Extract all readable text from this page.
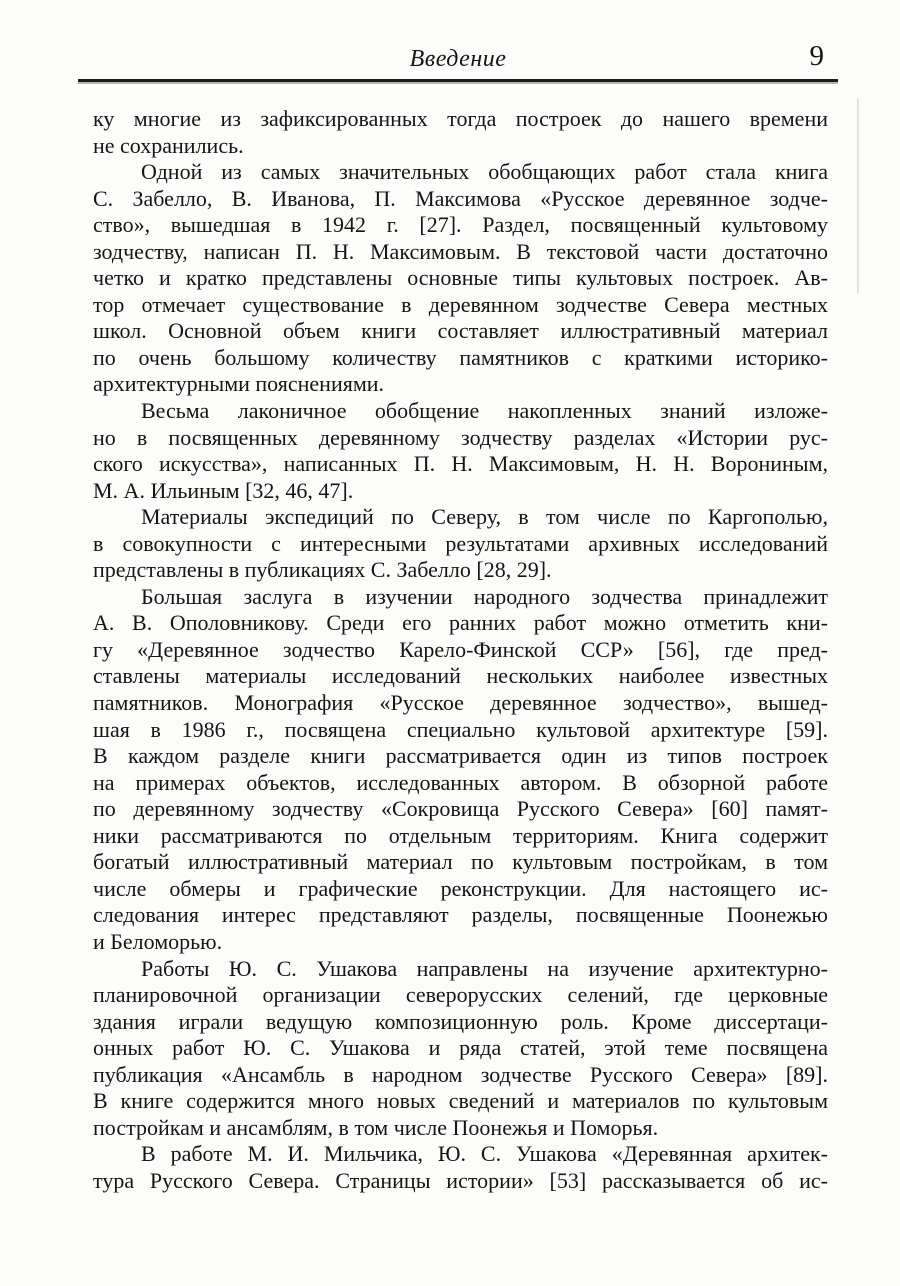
Введение	9
ку многие из зафиксированных тогда построек до нашего времени
не сохранились.
Одной из самых значительных обобщающих работ стала книга
С. Забелло, В. Иванова, П. Максимова «Русское деревянное зодче-
ство», вышедшая в 1942 г. [27]. Раздел, посвященный культовому
зодчеству, написан П. Н. Максимовым. В текстовой части достаточно
четко и кратко представлены основные типы культовых построек. Ав-
тор отмечает существование в деревянном зодчестве Севера местных
школ. Основной объем книги составляет иллюстративный материал
по очень большому количеству памятников с краткими историко-
архитектурными пояснениями.
Весьма лаконичное обобщение накопленных знаний изложе-
но в посвященных деревянному зодчеству разделах «Истории рус-
ского искусства», написанных П. Н. Максимовым, Н. Н. Ворониным,
М. А. Ильиным [32, 46, 47].
Материалы экспедиций по Северу, в том числе по Каргополью,
в совокупности с интересными результатами архивных исследований
представлены в публикациях С. Забелло [28, 29].
Большая заслуга в изучении народного зодчества принадлежит
А. В. Ополовникову. Среди его ранних работ можно отметить кни-
гу «Деревянное зодчество Карело-Финской ССР» [56], где пред-
ставлены материалы исследований нескольких наиболее известных
памятников. Монография «Русское деревянное зодчество», вышед-
шая в 1986 г., посвящена специально культовой архитектуре [59].
В каждом разделе книги рассматривается один из типов построек
на примерах объектов, исследованных автором. В обзорной работе
по деревянному зодчеству «Сокровища Русского Севера» [60] памят-
ники рассматриваются по отдельным территориям. Книга содержит
богатый иллюстративный материал по культовым постройкам, в том
числе обмеры и графические реконструкции. Для настоящего ис-
следования интерес представляют разделы, посвященные Поонежью
и Беломорью.
Работы Ю. С. Ушакова направлены на изучение архитектурно-
планировочной организации северорусских селений, где церковные
здания играли ведущую композиционную роль. Кроме диссертаци-
онных работ Ю. С. Ушакова и ряда статей, этой теме посвящена
публикация «Ансамбль в народном зодчестве Русского Севера» [89].
В книге содержится много новых сведений и материалов по культовым
постройкам и ансамблям, в том числе Поонежья и Поморья.
В работе М. И. Мильчика, Ю. С. Ушакова «Деревянная архитек-
тура Русского Севера. Страницы истории» [53] рассказывается об ис-
